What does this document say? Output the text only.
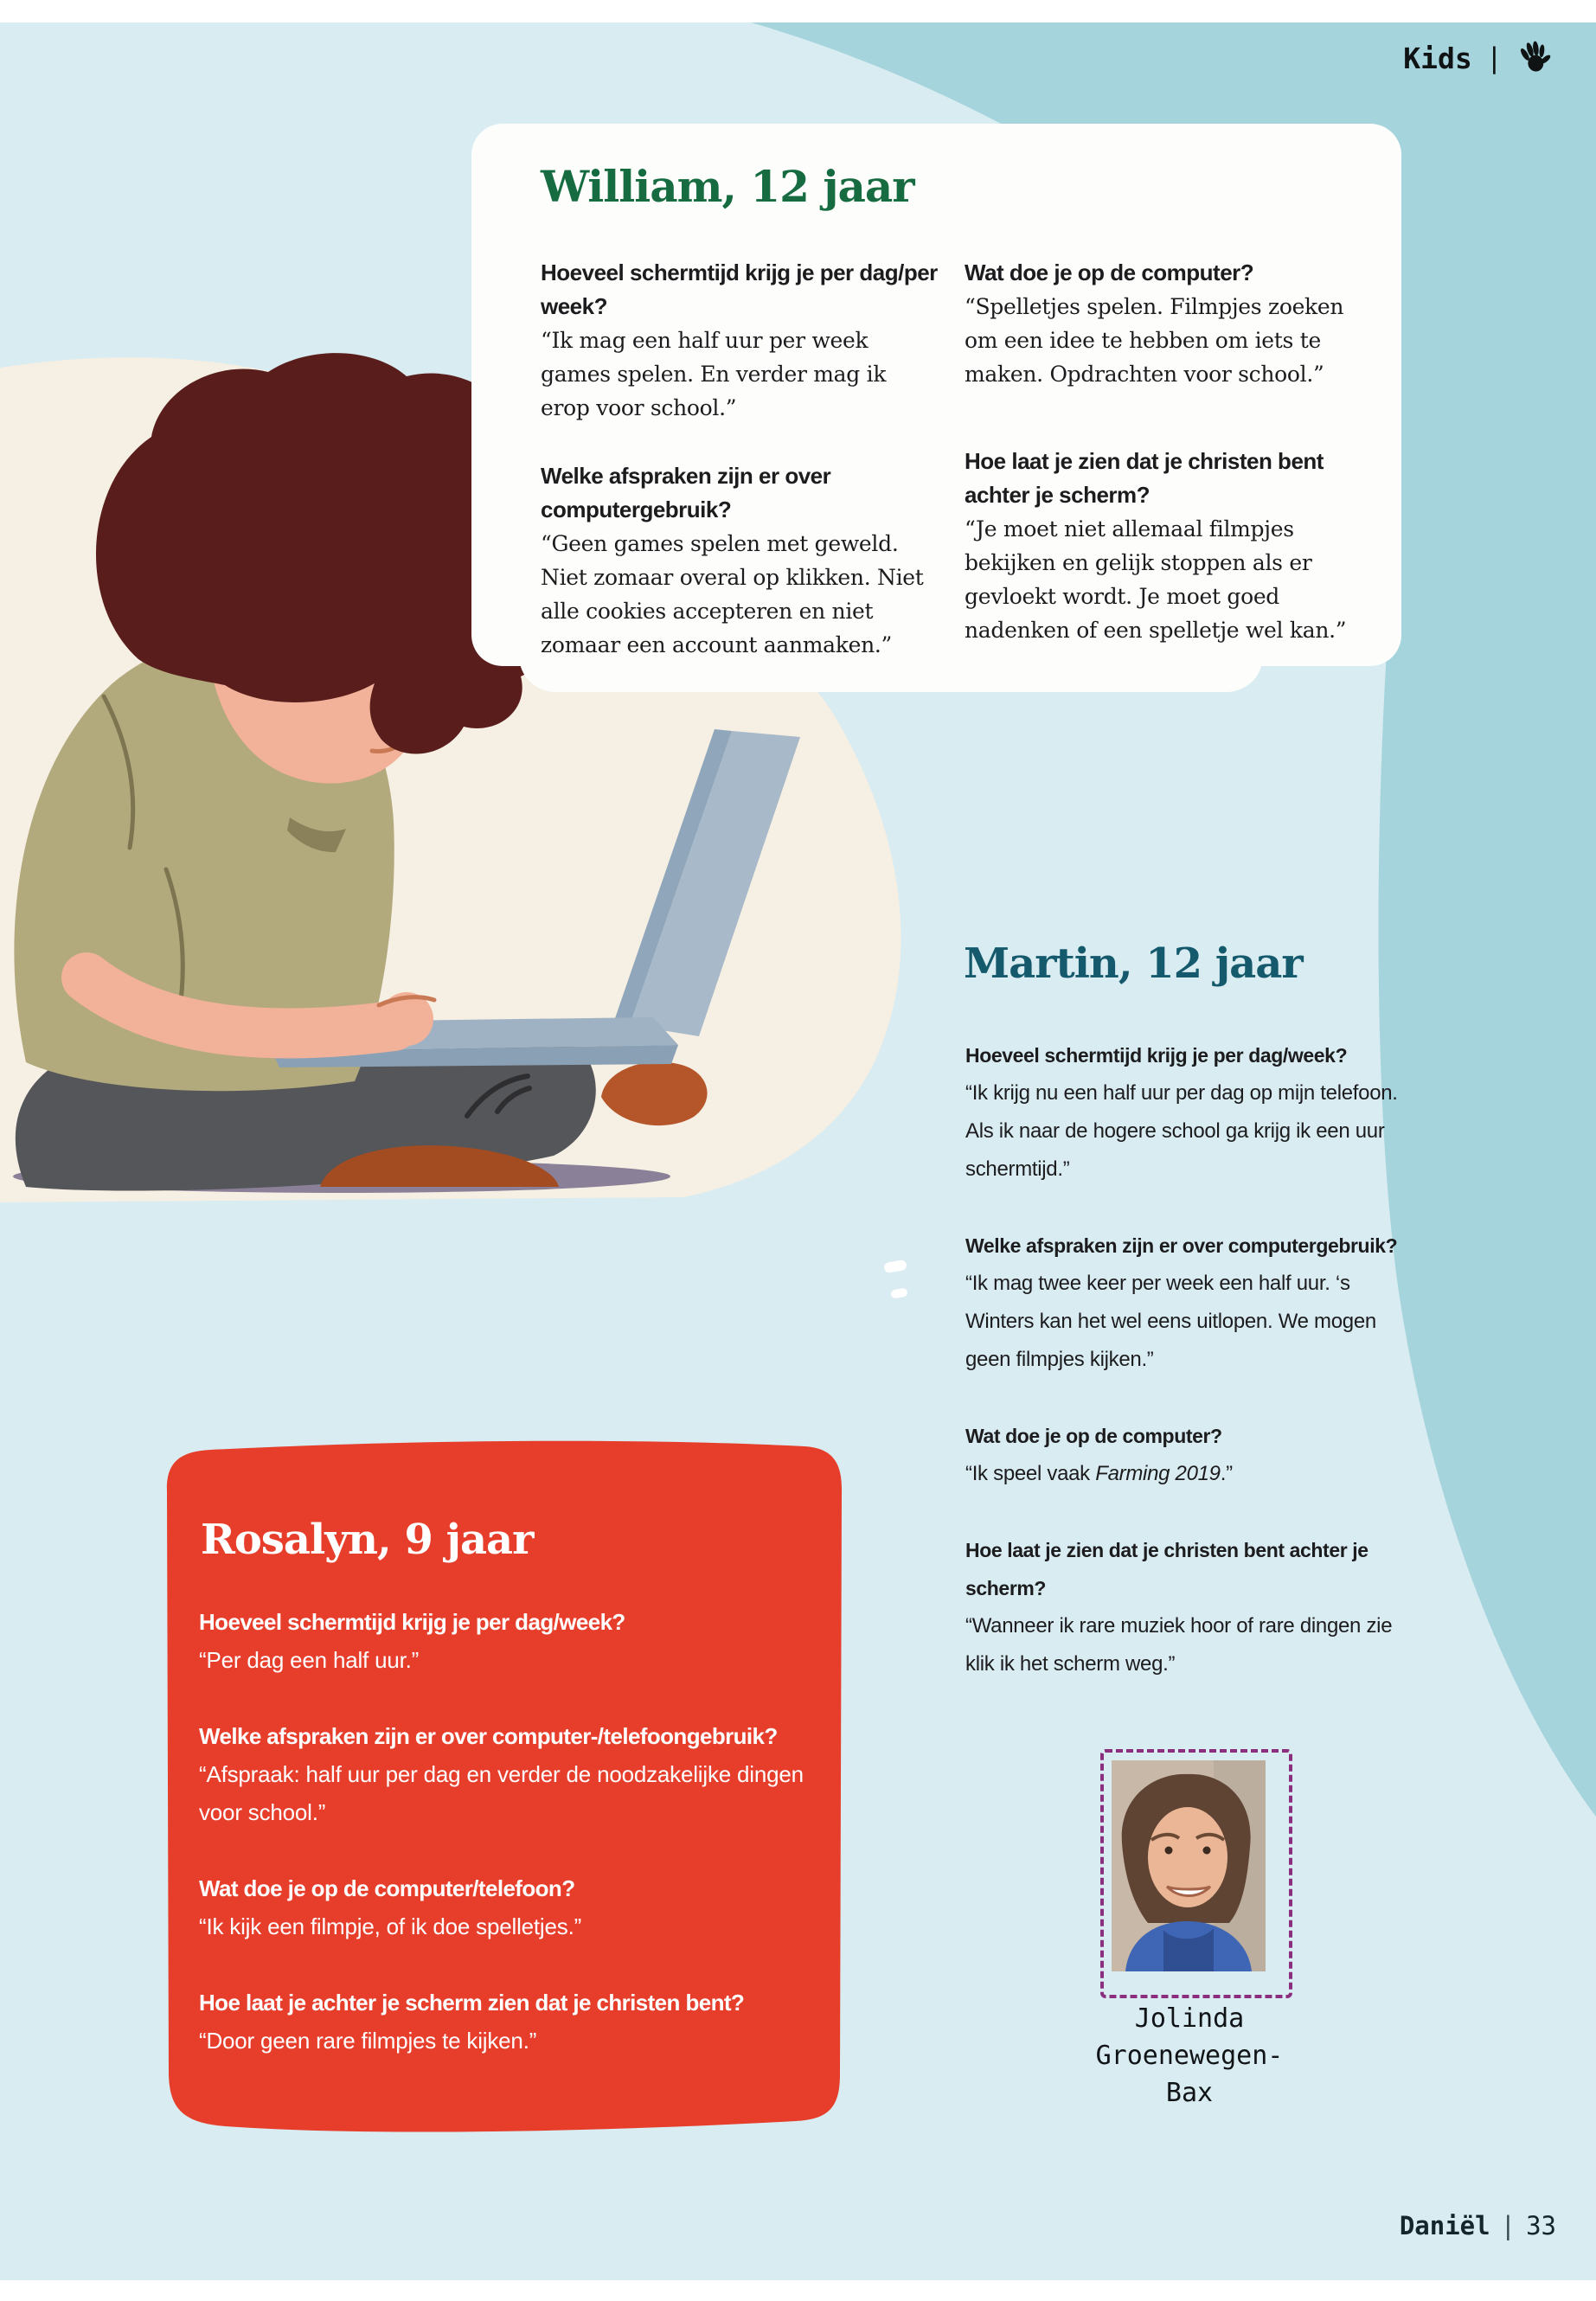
Kids |
William, 12 jaar

Hoeveel schermtijd krijg je per dag/per week?

“Ik mag een half uur per week games spelen. En verder mag ik erop voor school.”

Welke afspraken zijn er over computergebruik?

“Geen games spelen met geweld. Niet zomaar overal op klikken. Niet alle cookies accepteren en niet zomaar een account aanmaken.”

Wat doe je op de computer?

“Spelletjes spelen. Filmpjes zoeken om een idee te hebben om iets te maken. Opdrachten voor school.”

Hoe laat je zien dat je christen bent achter je scherm?

“Je moet niet allemaal filmpjes bekijken en gelijk stoppen als er gevloekt wordt. Je moet goed nadenken of een spelletje wel kan.”

Martin, 12 jaar

Hoeveel schermtijd krijg je per dag/week?

“Ik krijg nu een half uur per dag op mijn telefoon. Als ik naar de hogere school ga krijg ik een uur schermtijd.”

Welke afspraken zijn er over computergebruik?

“Ik mag twee keer per week een half uur. ‘s Winters kan het wel eens uitlopen. We mogen geen filmpjes kijken.”

Wat doe je op de computer?

“Ik speel vaak Farming 2019.”

Hoe laat je zien dat je christen bent achter je scherm?

“Wanneer ik rare muziek hoor of rare dingen zie klik ik het scherm weg.”

Rosalyn, 9 jaar

Hoeveel schermtijd krijg je per dag/week?

“Per dag een half uur.”

Welke afspraken zijn er over computer-/telefoongebruik?

“Afspraak: half uur per dag en verder de noodzakelijke dingen voor school.”

Wat doe je op de computer/telefoon?

“Ik kijk een filmpje, of ik doe spelletjes.”

Hoe laat je achter je scherm zien dat je christen bent?

“Door geen rare filmpjes te kijken.”

Jolinda
Groenewegen-
Bax
Daniël | 33
